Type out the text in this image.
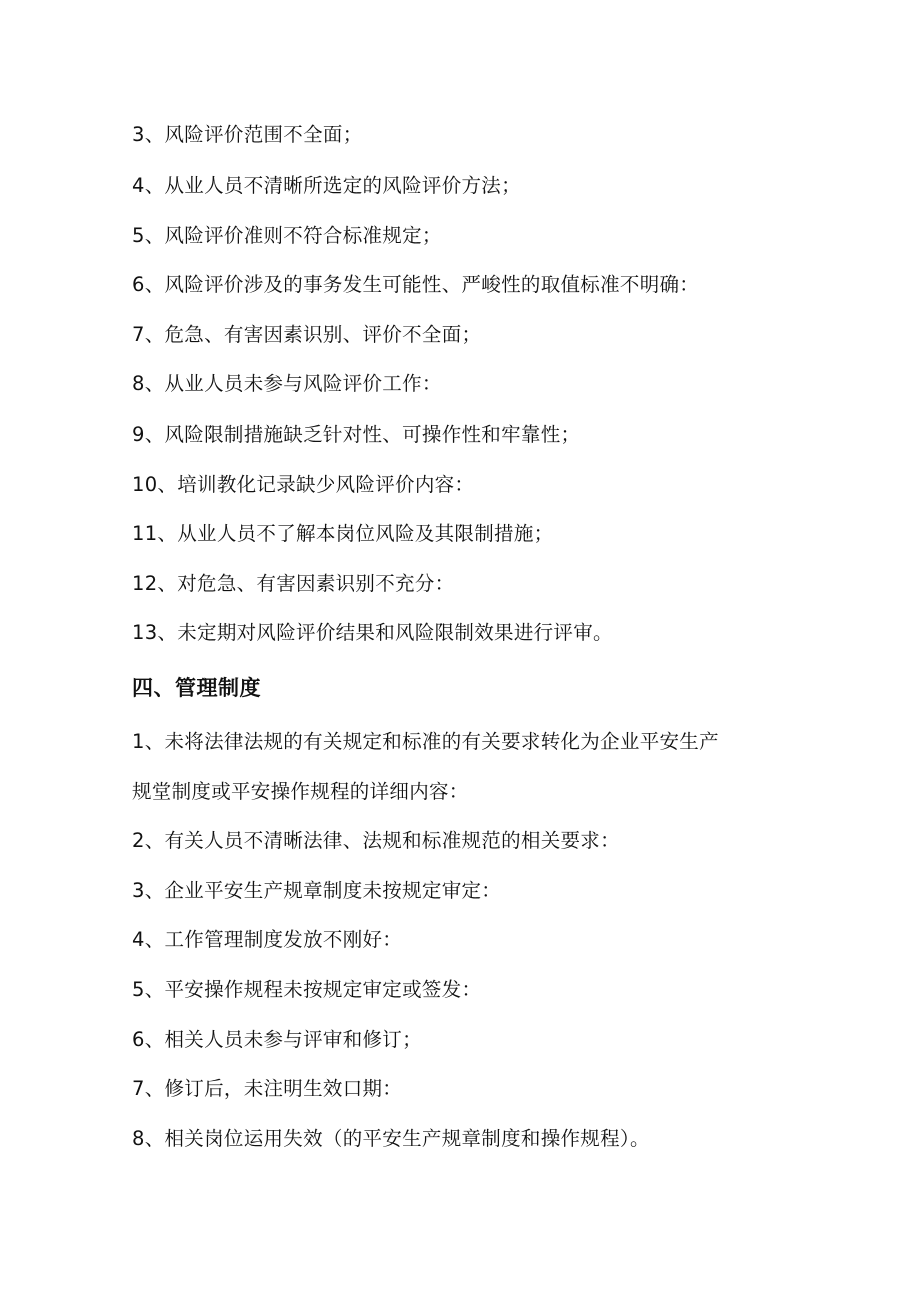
3、风险评价范围不全面；
4、从业人员不清晰所选定的风险评价方法；
5、风险评价准则不符合标准规定；
6、风险评价涉及的事务发生可能性、严峻性的取值标准不明确：
7、危急、有害因素识别、评价不全面；
8、从业人员未参与风险评价工作：
9、风险限制措施缺乏针对性、可操作性和牢靠性；
10、培训教化记录缺少风险评价内容：
11、从业人员不了解本岗位风险及其限制措施；
12、对危急、有害因素识别不充分：
13、未定期对风险评价结果和风险限制效果进行评审。
四、管理制度
1、未将法律法规的有关规定和标准的有关要求转化为企业平安生产
规堂制度或平安操作规程的详细内容：
2、有关人员不清晰法律、法规和标准规范的相关要求：
3、企业平安生产规章制度未按规定审定：
4、工作管理制度发放不刚好：
5、平安操作规程未按规定审定或签发：
6、相关人员未参与评审和修订；
7、修订后，未注明生效口期：
8、相关岗位运用失效（的平安生产规章制度和操作规程）。
